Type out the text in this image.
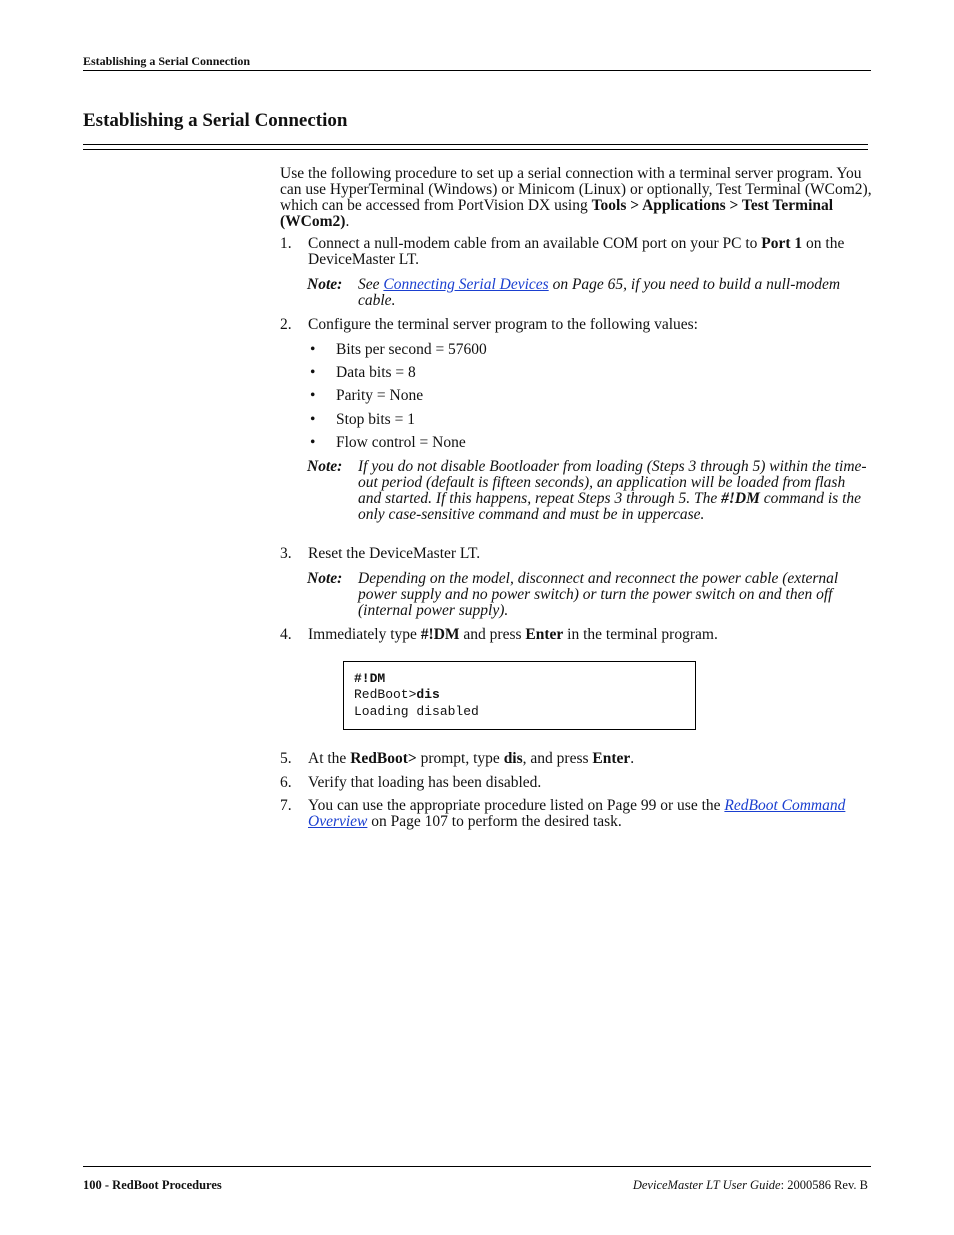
Establishing a Serial Connection
Establishing a Serial Connection
Use the following procedure to set up a serial connection with a terminal server program. You can use HyperTerminal (Windows) or Minicom (Linux) or optionally, Test Terminal (WCom2), which can be accessed from PortVision DX using Tools > Applications > Test Terminal (WCom2).
1. Connect a null-modem cable from an available COM port on your PC to Port 1 on the DeviceMaster LT.
Note: See Connecting Serial Devices on Page 65, if you need to build a null-modem cable.
2. Configure the terminal server program to the following values:
• Bits per second = 57600
• Data bits = 8
• Parity = None
• Stop bits = 1
• Flow control = None
Note: If you do not disable Bootloader from loading (Steps 3 through 5) within the time-out period (default is fifteen seconds), an application will be loaded from flash and started. If this happens, repeat Steps 3 through 5. The #!DM command is the only case-sensitive command and must be in uppercase.
3. Reset the DeviceMaster LT.
Note: Depending on the model, disconnect and reconnect the power cable (external power supply and no power switch) or turn the power switch on and then off (internal power supply).
4. Immediately type #!DM and press Enter in the terminal program.
#!DM
RedBoot>dis
Loading disabled
5. At the RedBoot> prompt, type dis, and press Enter.
6. Verify that loading has been disabled.
7. You can use the appropriate procedure listed on Page 99 or use the RedBoot Command Overview on Page 107 to perform the desired task.
100 - RedBoot Procedures	DeviceMaster LT User Guide: 2000586 Rev. B
